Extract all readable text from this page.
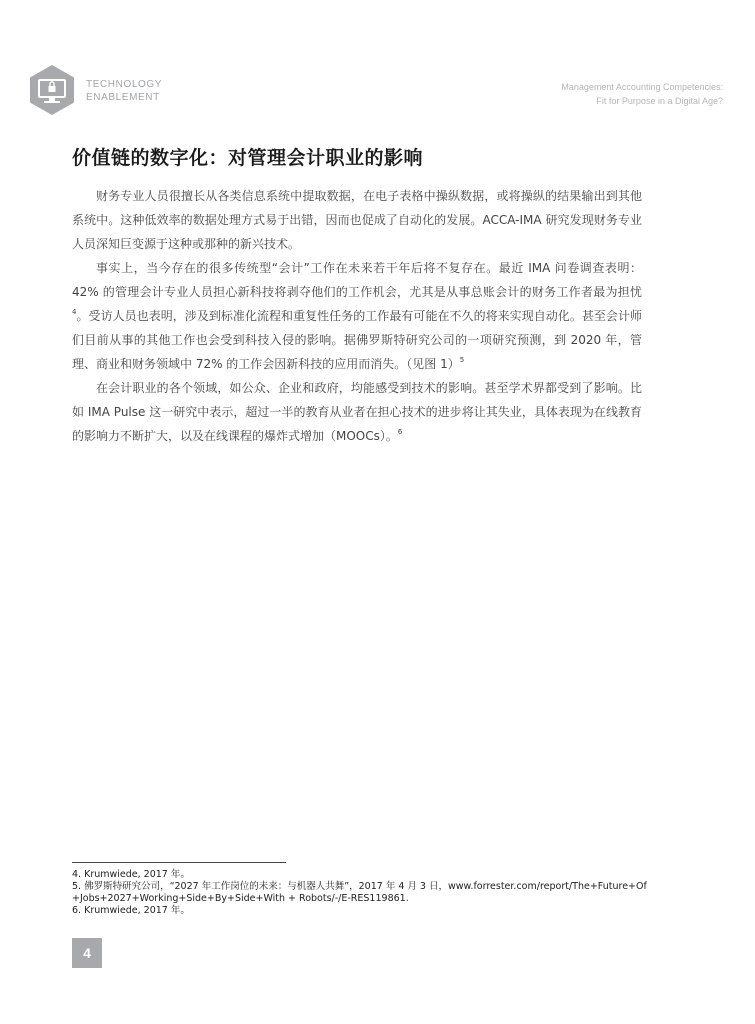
TECHNOLOGY
ENABLEMENT
Management Accounting Competencies:
Fit for Purpose in a Digital Age?
价值链的数字化：对管理会计职业的影响

财务专业人员很擅长从各类信息系统中提取数据，在电子表格中操纵数据，或将操纵的结果输出到其他系统中。这种低效率的数据处理方式易于出错，因而也促成了自动化的发展。ACCA-IMA 研究发现财务专业人员深知巨变源于这种或那种的新兴技术。

事实上，当今存在的很多传统型“会计”工作在未来若干年后将不复存在。最近 IMA 问卷调查表明：42% 的管理会计专业人员担心新科技将剥夺他们的工作机会，尤其是从事总账会计的财务工作者最为担忧$^4$。受访人员也表明，涉及到标准化流程和重复性任务的工作最有可能在不久的将来实现自动化。甚至会计师们目前从事的其他工作也会受到科技入侵的影响。据佛罗斯特研究公司的一项研究预测，到 2020 年，管理、商业和财务领域中 72% 的工作会因新科技的应用而消失。（见图 1）$^5$

在会计职业的各个领域，如公众、企业和政府，均能感受到技术的影响。甚至学术界都受到了影响。比如 IMA Pulse 这一研究中表示，超过一半的教育从业者在担心技术的进步将让其失业，具体表现为在线教育的影响力不断扩大，以及在线课程的爆炸式增加（MOOCs）。$^6$

4. Krumwiede, 2017 年。
5. 佛罗斯特研究公司，“2027 年工作岗位的未来：与机器人共舞”，2017 年 4 月 3 日，www.forrester.com/report/The+Future+Of+Jobs+2027+Working+Side+By+Side+With + Robots/-/E-RES119861.
6. Krumwiede, 2017 年。
4
